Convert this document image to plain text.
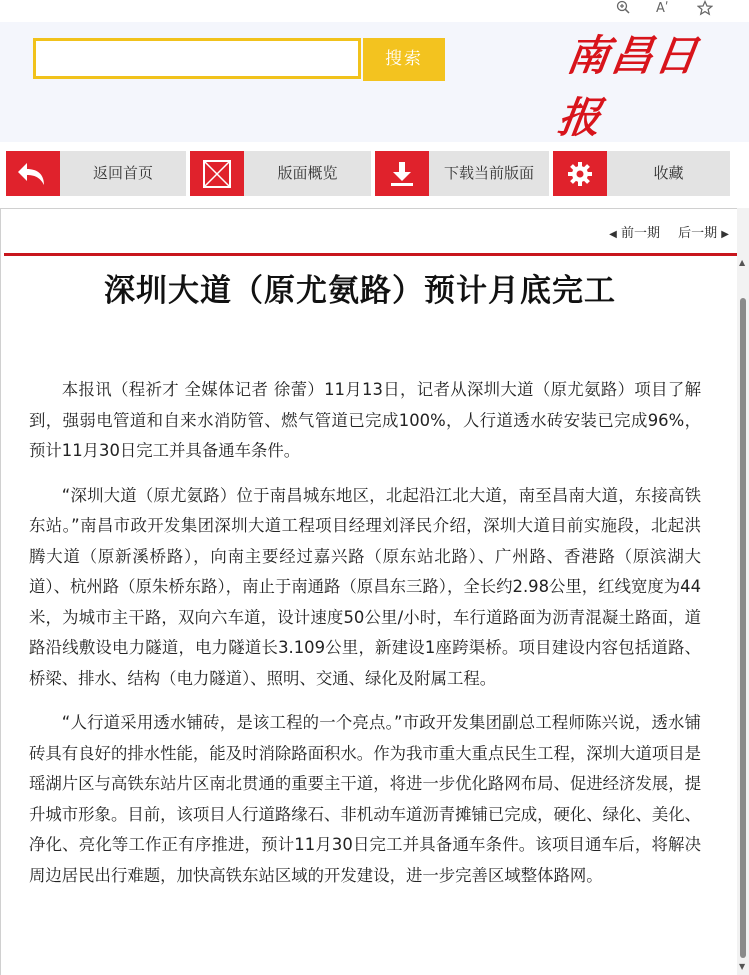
Aʹ
搜索	南昌日报
返回首页	版面概览	下载当前版面	收藏
◀ 前一期 后一期 ▶
深圳大道（原尤氨路）预计月底完工

本报讯（程祈才 全媒体记者 徐蕾）11月13日，记者从深圳大道（原尤氨路）项目了解到，强弱电管道和自来水消防管、燃气管道已完成100%，人行道透水砖安装已完成96%，预计11月30日完工并具备通车条件。

“深圳大道（原尤氨路）位于南昌城东地区，北起沿江北大道，南至昌南大道，东接高铁东站。”南昌市政开发集团深圳大道工程项目经理刘泽民介绍，深圳大道目前实施段，北起洪腾大道（原新溪桥路），向南主要经过嘉兴路（原东站北路）、广州路、香港路（原滨湖大道）、杭州路（原朱桥东路），南止于南通路（原昌东三路），全长约2.98公里，红线宽度为44米，为城市主干路，双向六车道，设计速度50公里/小时，车行道路面为沥青混凝土路面，道路沿线敷设电力隧道，电力隧道长3.109公里，新建设1座跨渠桥。项目建设内容包括道路、桥梁、排水、结构（电力隧道）、照明、交通、绿化及附属工程。

“人行道采用透水铺砖，是该工程的一个亮点。”市政开发集团副总工程师陈兴说，透水铺砖具有良好的排水性能，能及时消除路面积水。作为我市重大重点民生工程，深圳大道项目是瑶湖片区与高铁东站片区南北贯通的重要主干道，将进一步优化路网布局、促进经济发展，提升城市形象。目前，该项目人行道路缘石、非机动车道沥青摊铺已完成，硬化、绿化、美化、净化、亮化等工作正有序推进，预计11月30日完工并具备通车条件。该项目通车后，将解决周边居民出行难题，加快高铁东站区域的开发建设，进一步完善区域整体路网。

▲
▼
